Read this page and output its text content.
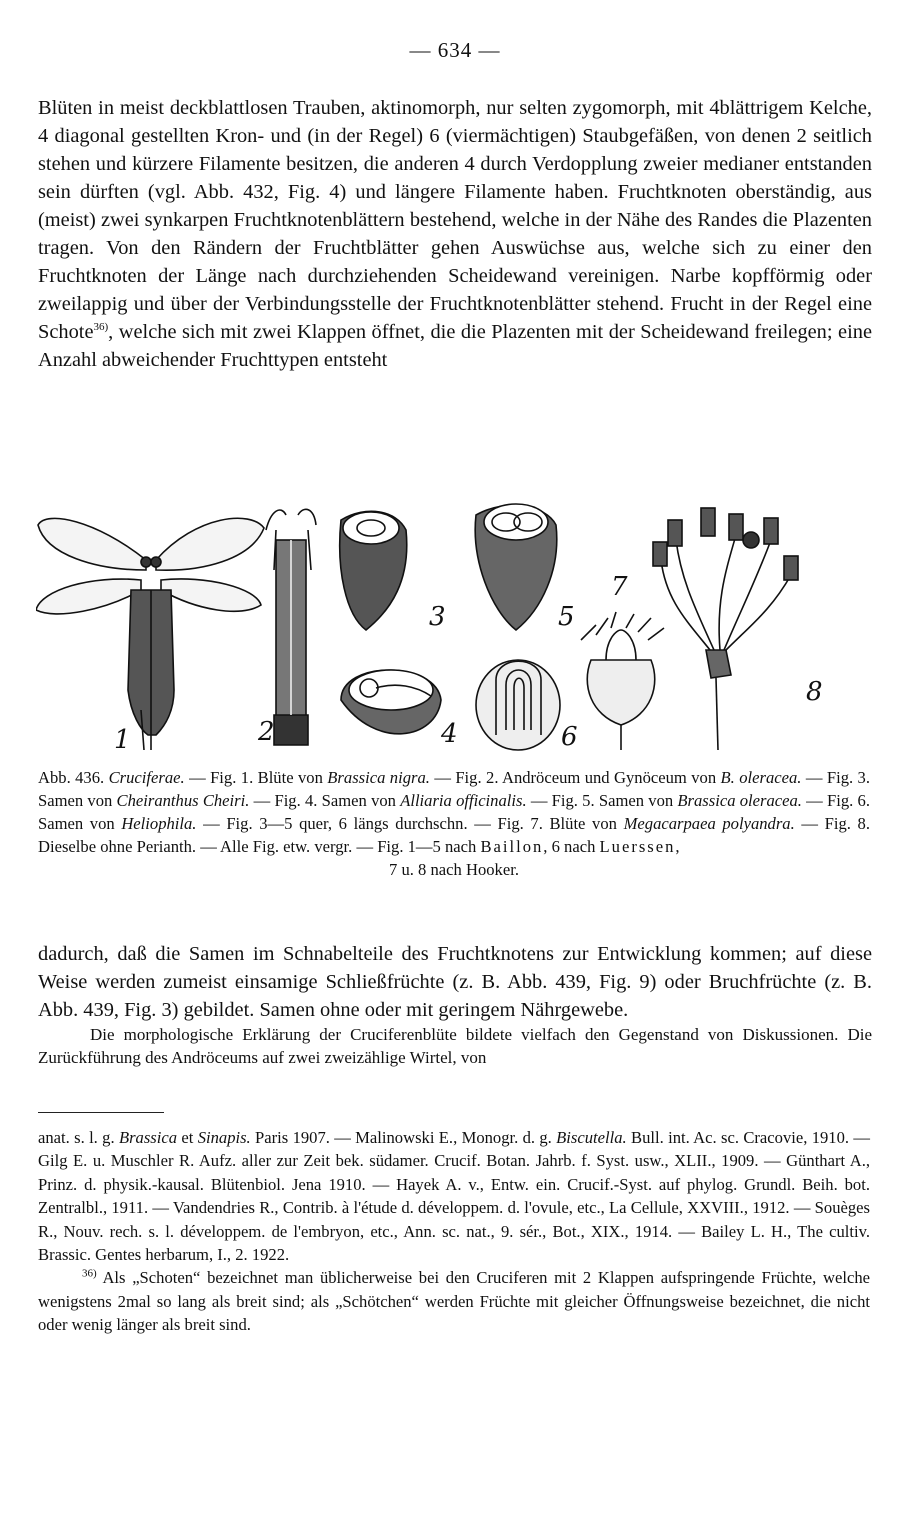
— 634 —

Blüten in meist deckblattlosen Trauben, aktinomorph, nur selten zygomorph, mit 4blättrigem Kelche, 4 diagonal gestellten Kron- und (in der Regel) 6 (viermächtigen) Staubgefäßen, von denen 2 seitlich stehen und kürzere Filamente besitzen, die anderen 4 durch Verdopplung zweier medianer entstanden sein dürften (vgl. Abb. 432, Fig. 4) und längere Filamente haben. Fruchtknoten oberständig, aus (meist) zwei synkarpen Fruchtknotenblättern bestehend, welche in der Nähe des Randes die Plazenten tragen. Von den Rändern der Fruchtblätter gehen Auswüchse aus, welche sich zu einer den Fruchtknoten der Länge nach durchziehenden Scheidewand vereinigen. Narbe kopfförmig oder zweilappig und über der Verbindungsstelle der Fruchtknotenblätter stehend. Frucht in der Regel eine Schote$^{36)}$, welche sich mit zwei Klappen öffnet, die die Plazenten mit der Scheidewand freilegen; eine Anzahl abweichender Fruchttypen entsteht

1	2
3
4
5
6
7
8
Abb. 436. Cruciferae. — Fig. 1. Blüte von Brassica nigra. — Fig. 2. Andröceum und Gynöceum von B. oleracea. — Fig. 3. Samen von Cheiranthus Cheiri. — Fig. 4. Samen von Alliaria officinalis. — Fig. 5. Samen von Brassica oleracea. — Fig. 6. Samen von Heliophila. — Fig. 3—5 quer, 6 längs durchschn. — Fig. 7. Blüte von Megacarpaea polyandra. — Fig. 8. Dieselbe ohne Perianth. — Alle Fig. etw. vergr. — Fig. 1—5 nach Baillon, 6 nach Luerssen,
7 u. 8 nach Hooker.

dadurch, daß die Samen im Schnabelteile des Fruchtknotens zur Entwicklung kommen; auf diese Weise werden zumeist einsamige Schließfrüchte (z. B. Abb. 439, Fig. 9) oder Bruchfrüchte (z. B. Abb. 439, Fig. 3) gebildet. Samen ohne oder mit geringem Nährgewebe.

Die morphologische Erklärung der Cruciferenblüte bildete vielfach den Gegenstand von Diskussionen. Die Zurückführung des Andröceums auf zwei zweizählige Wirtel, von

anat. s. l. g. Brassica et Sinapis. Paris 1907. — Malinowski E., Monogr. d. g. Biscutella. Bull. int. Ac. sc. Cracovie, 1910. — Gilg E. u. Muschler R. Aufz. aller zur Zeit bek. südamer. Crucif. Botan. Jahrb. f. Syst. usw., XLII., 1909. — Günthart A., Prinz. d. physik.-kausal. Blütenbiol. Jena 1910. — Hayek A. v., Entw. ein. Crucif.-Syst. auf phylog. Grundl. Beih. bot. Zentralbl., 1911. — Vandendries R., Contrib. à l'étude d. développem. d. l'ovule, etc., La Cellule, XXVIII., 1912. — Souèges R., Nouv. rech. s. l. développem. de l'embryon, etc., Ann. sc. nat., 9. sér., Bot., XIX., 1914. — Bailey L. H., The cultiv. Brassic. Gentes herbarum, I., 2. 1922.

$^{36)}$ Als „Schoten“ bezeichnet man üblicherweise bei den Cruciferen mit 2 Klappen aufspringende Früchte, welche wenigstens 2mal so lang als breit sind; als „Schötchen“ werden Früchte mit gleicher Öffnungsweise bezeichnet, die nicht oder wenig länger als breit sind.
